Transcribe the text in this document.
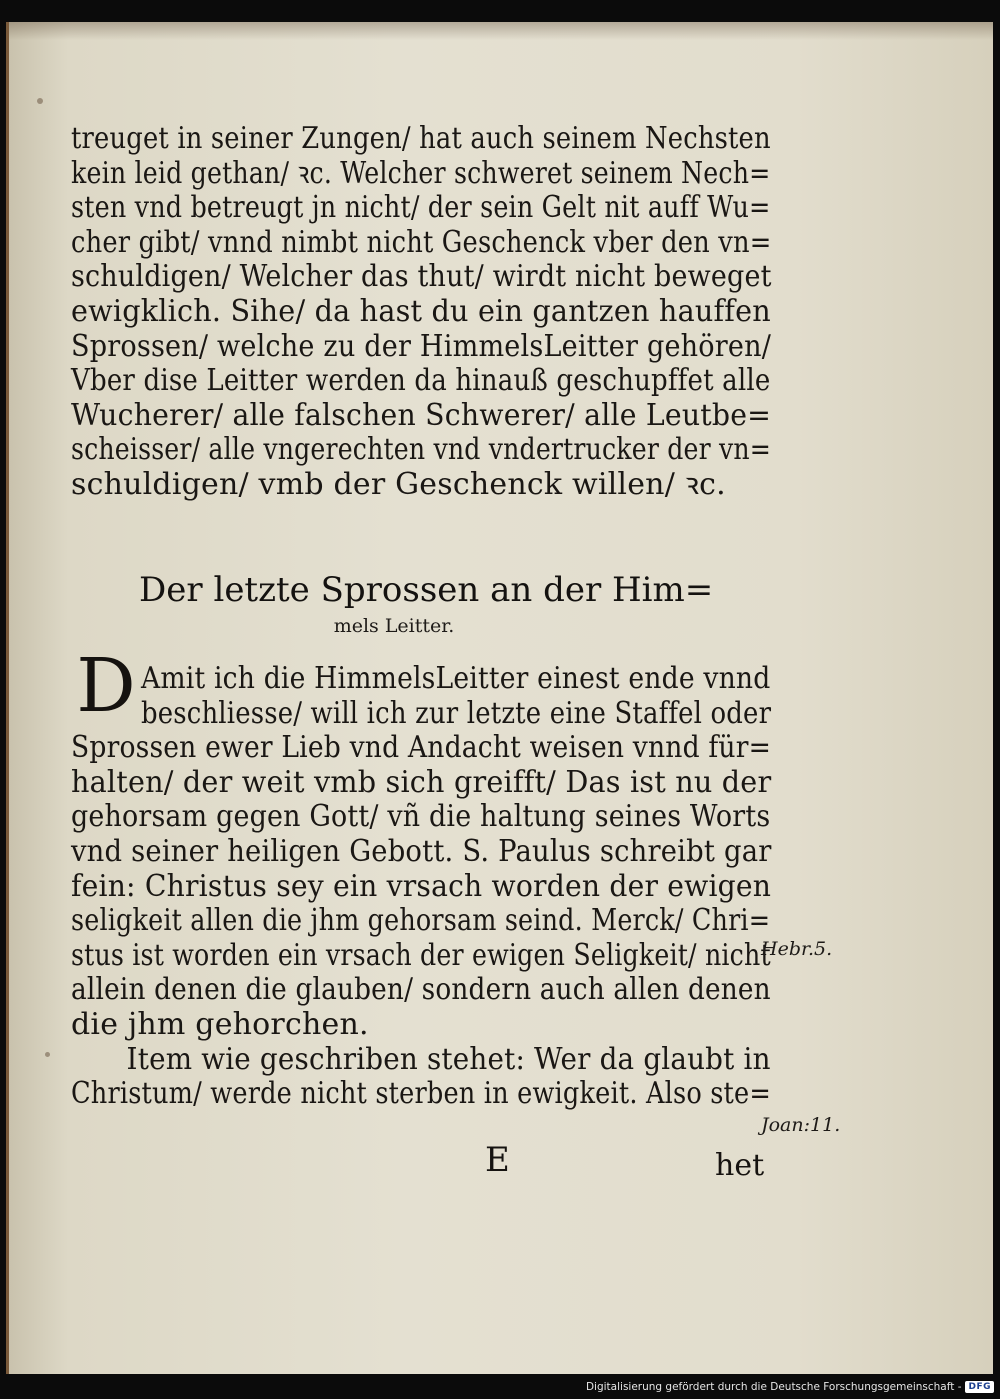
treuget in seiner Zungen/ hat auch seinem Nechsten
kein leid gethan/ ꝛc. Welcher schweret seinem Nech=
sten vnd betreugt jn nicht/ der sein Gelt nit auff Wu=
cher gibt/ vnnd nimbt nicht Geschenck vber den vn=
schuldigen/ Welcher das thut/ wirdt nicht beweget
ewigklich. Sihe/ da hast du ein gantzen hauffen
Sprossen/ welche zu der HimmelsLeitter gehören/
Vber dise Leitter werden da hinauß geschupffet alle
Wucherer/ alle falschen Schwerer/ alle Leutbe=
scheisser/ alle vngerechten vnd vndertrucker der vn=
schuldigen/ vmb der Geschenck willen/ ꝛc.
Der letzte Sprossen an der Him=
mels Leitter.
D Amit ich die HimmelsLeitter einest ende vnnd
beschliesse/ will ich zur letzte eine Staffel oder
Sprossen ewer Lieb vnd Andacht weisen vnnd für=
halten/ der weit vmb sich greifft/ Das ist nu der
gehorsam gegen Gott/ vñ die haltung seines Worts
vnd seiner heiligen Gebott. S. Paulus schreibt gar
fein: Christus sey ein vrsach worden der ewigen
seligkeit allen die jhm gehorsam seind. Merck/ Chri=
stus ist worden ein vrsach der ewigen Seligkeit/ nicht
allein denen die glauben/ sondern auch allen denen
die jhm gehorchen.
Item wie geschriben stehet: Wer da glaubt in
Christum/ werde nicht sterben in ewigkeit. Also ste=
Hebr.5.
Joan:11.
E	het
Digitalisierung gefördert durch die Deutsche Forschungsgemeinschaft - DFG
